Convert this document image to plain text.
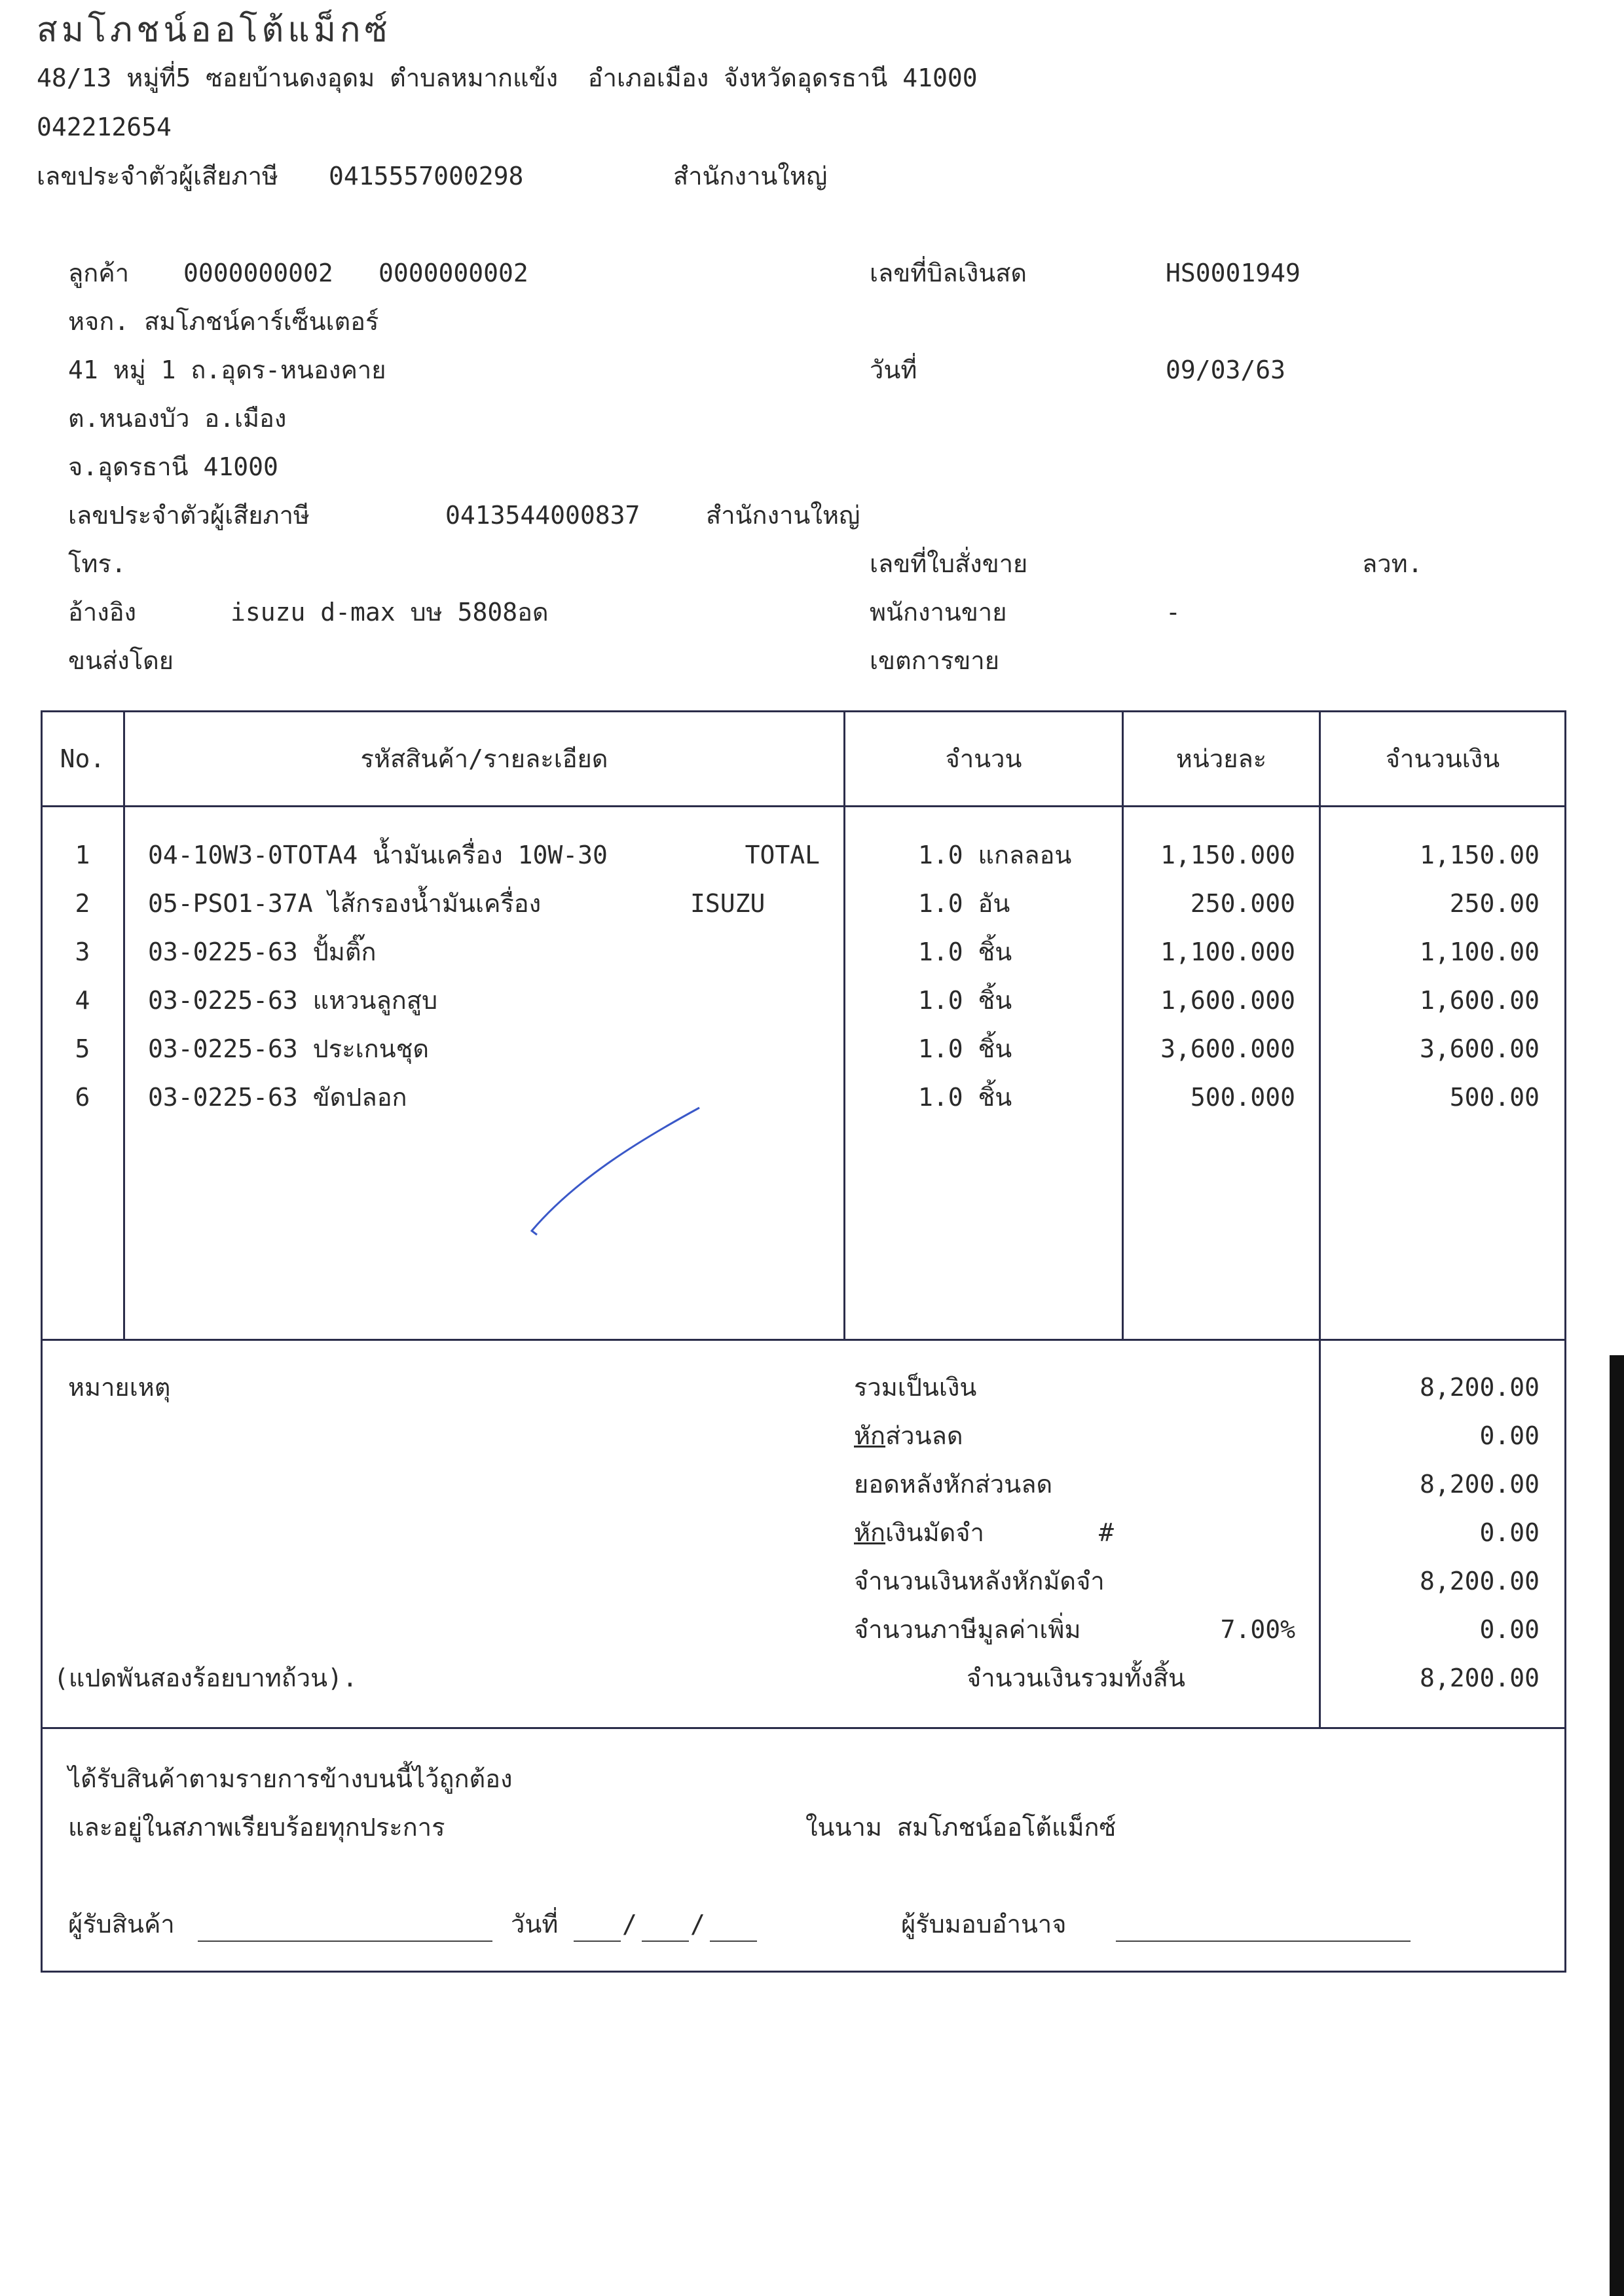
สมโภชน์ออโต้แม็กซ์
48/13 หมู่ที่5 ซอยบ้านดงอุดม ตำบลหมากแข้ง  อำเภอเมือง จังหวัดอุดรธานี 41000
042212654
เลขประจำตัวผู้เสียภาษี 0415557000298	สำนักงานใหญ่
ลูกค้า 0000000002 0000000002
หจก. สมโภชน์คาร์เซ็นเตอร์
41 หมู่ 1 ถ.อุดร-หนองคาย
ต.หนองบัว อ.เมือง
จ.อุดรธานี 41000
เลขประจำตัวผู้เสียภาษี	0413544000837	สำนักงานใหญ่
โทร.
อ้างอิง	isuzu d-max บษ 5808อด
ขนส่งโดย
เลขที่บิลเงินสด	HS0001949
วันที่	09/03/63
เลขที่ใบสั่งขาย	ลวท.
พนักงานขาย	-
เขตการขาย
No.	รหัสสินค้า/รายละเอียด	จำนวน	หน่วยละ	จำนวนเงิน
1	04-10W3-0TOTA4 น้ำมันเครื่อง 10W-30	TOTAL	1.0 แกลลอน	1,150.000	1,150.00
2	05-PSO1-37A ไส้กรองน้ำมันเครื่อง	ISUZU	1.0 อัน	250.000	250.00
3	03-0225-63 ปั้มติ๊ก	1.0 ชิ้น	1,100.000	1,100.00
4	03-0225-63 แหวนลูกสูบ	1.0 ชิ้น	1,600.000	1,600.00
5	03-0225-63 ประเกนชุด	1.0 ชิ้น	3,600.000	3,600.00
6	03-0225-63 ขัดปลอก	1.0 ชิ้น	500.000	500.00
หมายเหตุ	รวมเป็นเงิน	8,200.00
หักส่วนลด	0.00
ยอดหลังหักส่วนลด	8,200.00
หักเงินมัดจำ	#	0.00
จำนวนเงินหลังหักมัดจำ	8,200.00
จำนวนภาษีมูลค่าเพิ่ม	7.00%	0.00
(แปดพันสองร้อยบาทถ้วน).	จำนวนเงินรวมทั้งสิ้น	8,200.00
ได้รับสินค้าตามรายการข้างบนนี้ไว้ถูกต้อง
และอยู่ในสภาพเรียบร้อยทุกประการ	ในนาม สมโภชน์ออโต้แม็กซ์
ผู้รับสินค้า	วันที่	/ /	ผู้รับมอบอำนาจ
